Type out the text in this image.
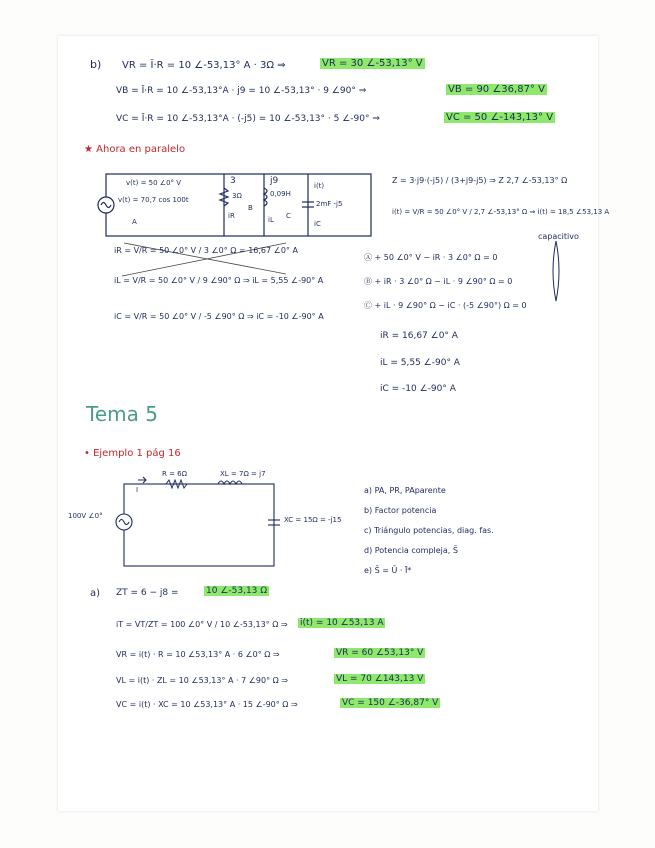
b) VR = Ī·R = 10 ∠-53,13° A · 3Ω ⇒	VR = 30 ∠-53,13° V
VB = Ī·R = 10 ∠-53,13°A · j9 = 10 ∠-53,13° · 9 ∠90° ⇒	VB = 90 ∠36,87° V
VC = Ī·R = 10 ∠-53,13°A · (-j5) = 10 ∠-53,13° · 5 ∠-90° ⇒	VC = 50 ∠-143,13° V
★ Ahora en paralelo
v(t) = 50 ∠0° V
v(t) = 70,7 cos 100t
A
3
3Ω
B
iR
j9
0,09H
iL C
i(t)
2mF -j5
iC
Z = 3·j9·(-j5) / (3+j9-j5) ⇒ Z 2,7 ∠-53,13° Ω
i(t) = V/R = 50 ∠0° V / 2,7 ∠-53,13° Ω ⇒ i(t) = 18,5 ∠53,13 A
capacitivo
iR = V/R = 50 ∠0° V / 3 ∠0° Ω = 16,67 ∠0° A
iL = V/R = 50 ∠0° V / 9 ∠90° Ω ⇒ iL = 5,55 ∠-90° A
iC = V/R = 50 ∠0° V / -5 ∠90° Ω ⇒ iC = -10 ∠-90° A
Ⓐ + 50 ∠0° V − iR · 3 ∠0° Ω = 0
Ⓑ + iR · 3 ∠0° Ω − iL · 9 ∠90° Ω = 0
Ⓒ + iL · 9 ∠90° Ω − iC · (-5 ∠90°) Ω = 0
iR = 16,67 ∠0° A
iL = 5,55 ∠-90° A
iC = -10 ∠-90° A
Tema 5
• Ejemplo 1 pág 16
I
R = 6Ω	XL = 7Ω = j7
100V ∠0°	XC = 15Ω = -j15
a) PA, PR, PAparente
b) Factor potencia
c) Triángulo potencias, diag. fas.
d) Potencia compleja, S̄
e) S̄ = Ū · Ī*
a) ZT = 6 − j8 =	10 ∠-53,13 Ω
iT = VT/ZT = 100 ∠0° V / 10 ∠-53,13° Ω ⇒ i(t) = 10 ∠53,13 A
VR = i(t) · R = 10 ∠53,13° A · 6 ∠0° Ω ⇒	VR = 60 ∠53,13° V
VL = i(t) · ZL = 10 ∠53,13° A · 7 ∠90° Ω ⇒	VL = 70 ∠143,13 V
VC = i(t) · XC = 10 ∠53,13° A · 15 ∠-90° Ω ⇒	VC = 150 ∠-36,87° V
